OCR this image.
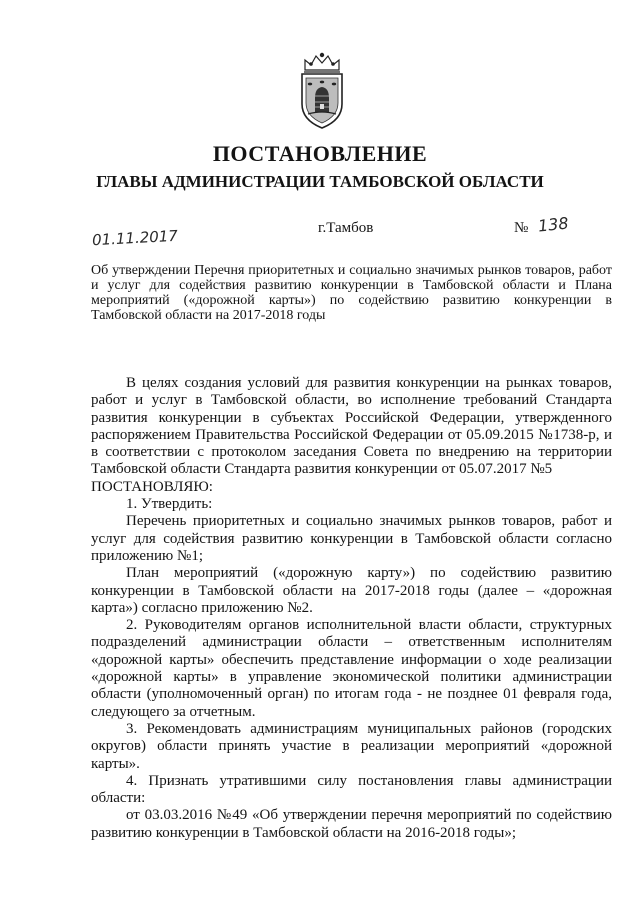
ПОСТАНОВЛЕНИЕ
ГЛАВЫ АДМИНИСТРАЦИИ ТАМБОВСКОЙ ОБЛАСТИ
01.11.2017	г.Тамбов	№ 138

Об утверждении Перечня приоритетных и социально значимых рынков товаров, работ и услуг для содействия развитию конкуренции в Тамбовской области и Плана мероприятий («дорожной карты») по содействию развитию конкуренции в Тамбовской области на 2017-2018 годы

В целях создания условий для развития конкуренции на рынках товаров, работ и услуг в Тамбовской области, во исполнение требований Стандарта развития конкуренции в субъектах Российской Федерации, утвержденного распоряжением Правительства Российской Федерации от 05.09.2015 №1738-р, и в соответствии с протоколом заседания Совета по внедрению на территории Тамбовской области Стандарта развития конкуренции от 05.07.2017 №5

ПОСТАНОВЛЯЮ:

1. Утвердить:

Перечень приоритетных и социально значимых рынков товаров, работ и услуг для содействия развитию конкуренции в Тамбовской области согласно приложению №1;

План мероприятий («дорожную карту») по содействию развитию конкуренции в Тамбовской области на 2017-2018 годы (далее – «дорожная карта») согласно приложению №2.

2. Руководителям органов исполнительной власти области, структурных подразделений администрации области – ответственным исполнителям «дорожной карты» обеспечить представление информации о ходе реализации «дорожной карты» в управление экономической политики администрации области (уполномоченный орган) по итогам года - не позднее 01 февраля года, следующего за отчетным.

3. Рекомендовать администрациям муниципальных районов (городских округов) области принять участие в реализации мероприятий «дорожной карты».

4. Признать утратившими силу постановления главы администрации области:

от 03.03.2016 №49 «Об утверждении перечня мероприятий по содействию развитию конкуренции в Тамбовской области на 2016-2018 годы»;
